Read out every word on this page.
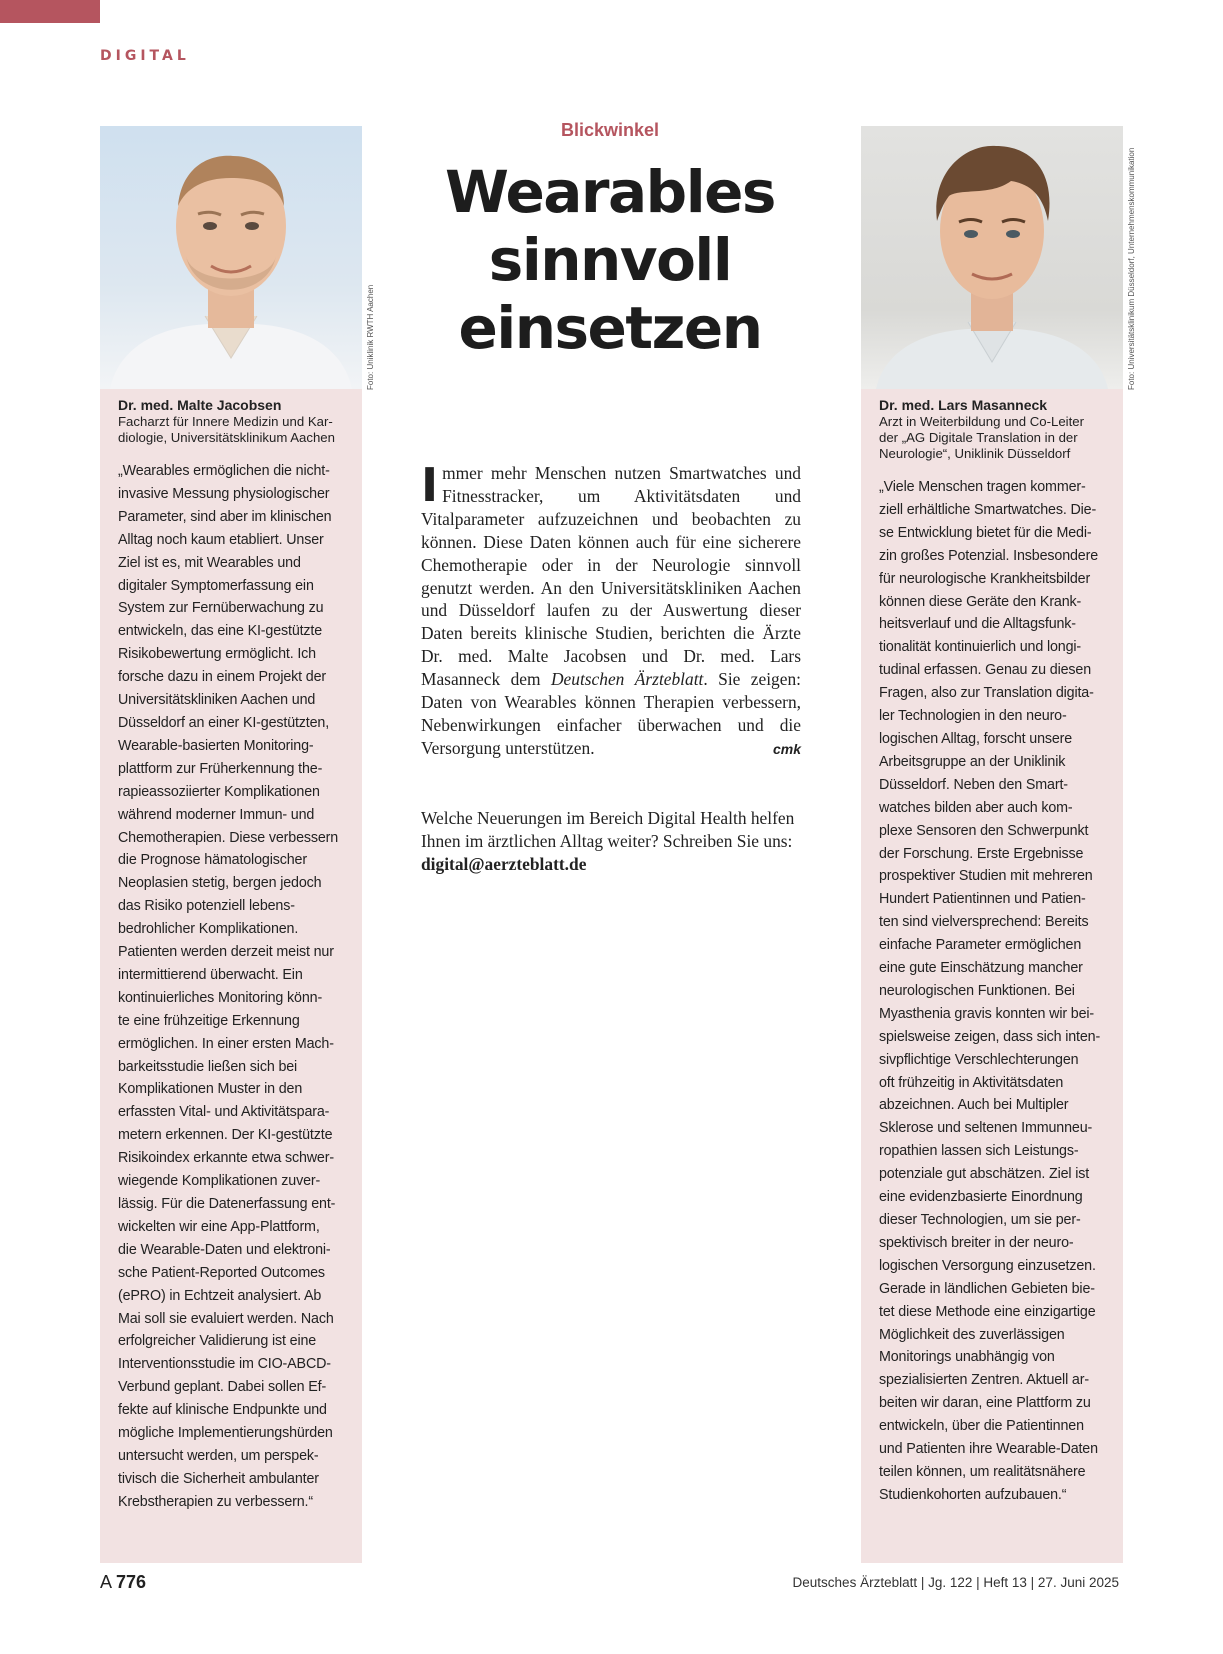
DIGITAL
Dr. med. Malte Jacobsen
Facharzt für Innere Medizin und Kar-
diologie, Universitätsklinikum Aachen
„Wearables ermöglichen die nicht-
invasive Messung physiologischer
Parameter, sind aber im klinischen
Alltag noch kaum etabliert. Unser
Ziel ist es, mit Wearables und
digitaler Symptomerfassung ein
System zur Fernüberwachung zu
entwickeln, das eine KI-gestützte
Risikobewertung ermöglicht. Ich
forsche dazu in einem Projekt der
Universitätskliniken Aachen und
Düsseldorf an einer KI-gestützten,
Wearable-basierten Monitoring-
plattform zur Früherkennung the-
rapieassoziierter Komplikationen
während moderner Immun- und
Chemotherapien. Diese verbessern
die Prognose hämatologischer
Neoplasien stetig, bergen jedoch
das Risiko potenziell lebens-
bedrohlicher Komplikationen.
Patienten werden derzeit meist nur
intermittierend überwacht. Ein
kontinuierliches Monitoring könn-
te eine frühzeitige Erkennung
ermöglichen. In einer ersten Mach-
barkeitsstudie ließen sich bei
Komplikationen Muster in den
erfassten Vital- und Aktivitätspara-
metern erkennen. Der KI-gestützte
Risikoindex erkannte etwa schwer-
wiegende Komplikationen zuver-
lässig. Für die Datenerfassung ent-
wickelten wir eine App-Plattform,
die Wearable-Daten und elektroni-
sche Patient-Reported Outcomes
(ePRO) in Echtzeit analysiert. Ab
Mai soll sie evaluiert werden. Nach
erfolgreicher Validierung ist eine
Interventionsstudie im CIO-ABCD-
Verbund geplant. Dabei sollen Ef-
fekte auf klinische Endpunkte und
mögliche Implementierungshürden
untersucht werden, um perspek-
tivisch die Sicherheit ambulanter
Krebstherapien zu verbessern.“
Foto: Uniklinik RWTH Aachen
Dr. med. Lars Masanneck
Arzt in Weiterbildung und Co-Leiter
der „AG Digitale Translation in der
Neurologie“, Uniklinik Düsseldorf
„Viele Menschen tragen kommer-
ziell erhältliche Smartwatches. Die-
se Entwicklung bietet für die Medi-
zin großes Potenzial. Insbesondere
für neurologische Krankheitsbilder
können diese Geräte den Krank-
heitsverlauf und die Alltagsfunk-
tionalität kontinuierlich und longi-
tudinal erfassen. Genau zu diesen
Fragen, also zur Translation digita-
ler Technologien in den neuro-
logischen Alltag, forscht unsere
Arbeitsgruppe an der Uniklinik
Düsseldorf. Neben den Smart-
watches bilden aber auch kom-
plexe Sensoren den Schwerpunkt
der Forschung. Erste Ergebnisse
prospektiver Studien mit mehreren
Hundert Patientinnen und Patien-
ten sind vielversprechend: Bereits
einfache Parameter ermöglichen
eine gute Einschätzung mancher
neurologischen Funktionen. Bei
Myasthenia gravis konnten wir bei-
spielsweise zeigen, dass sich inten-
sivpflichtige Verschlechterungen
oft frühzeitig in Aktivitätsdaten
abzeichnen. Auch bei Multipler
Sklerose und seltenen Immunneu-
ropathien lassen sich Leistungs-
potenziale gut abschätzen. Ziel ist
eine evidenzbasierte Einordnung
dieser Technologien, um sie per-
spektivisch breiter in der neuro-
logischen Versorgung einzusetzen.
Gerade in ländlichen Gebieten bie-
tet diese Methode eine einzigartige
Möglichkeit des zuverlässigen
Monitorings unabhängig von
spezialisierten Zentren. Aktuell ar-
beiten wir daran, eine Plattform zu
entwickeln, über die Patientinnen
und Patienten ihre Wearable-Daten
teilen können, um realitätsnähere
Studienkohorten aufzubauen.“
Foto: Universitätsklinikum Düsseldorf, Unternehmenskommunikation
Blickwinkel
Wearables
sinnvoll
einsetzen
Immer mehr Menschen nutzen Smartwatches und Fitnesstracker, um Aktivitätsdaten und Vitalparameter aufzuzeichnen und beobachten zu können. Diese Daten können auch für eine sicherere Chemotherapie oder in der Neurologie sinnvoll genutzt werden. An den Universitätskliniken Aachen und Düsseldorf laufen zu der Auswertung dieser Daten bereits klinische Studien, berichten die Ärzte Dr. med. Malte Jacobsen und Dr. med. Lars Masanneck dem Deutschen Ärzteblatt. Sie zeigen: Daten von Wearables können Therapien verbessern, Nebenwirkungen einfacher überwachen und die Versorgung unterstützen.	cmk
Welche Neuerungen im Bereich Digital Health helfen Ihnen im ärztlichen Alltag weiter? Schreiben Sie uns: digital@aerzteblatt.de
A 776	Deutsches Ärzteblatt | Jg. 122 | Heft 13 | 27. Juni 2025
